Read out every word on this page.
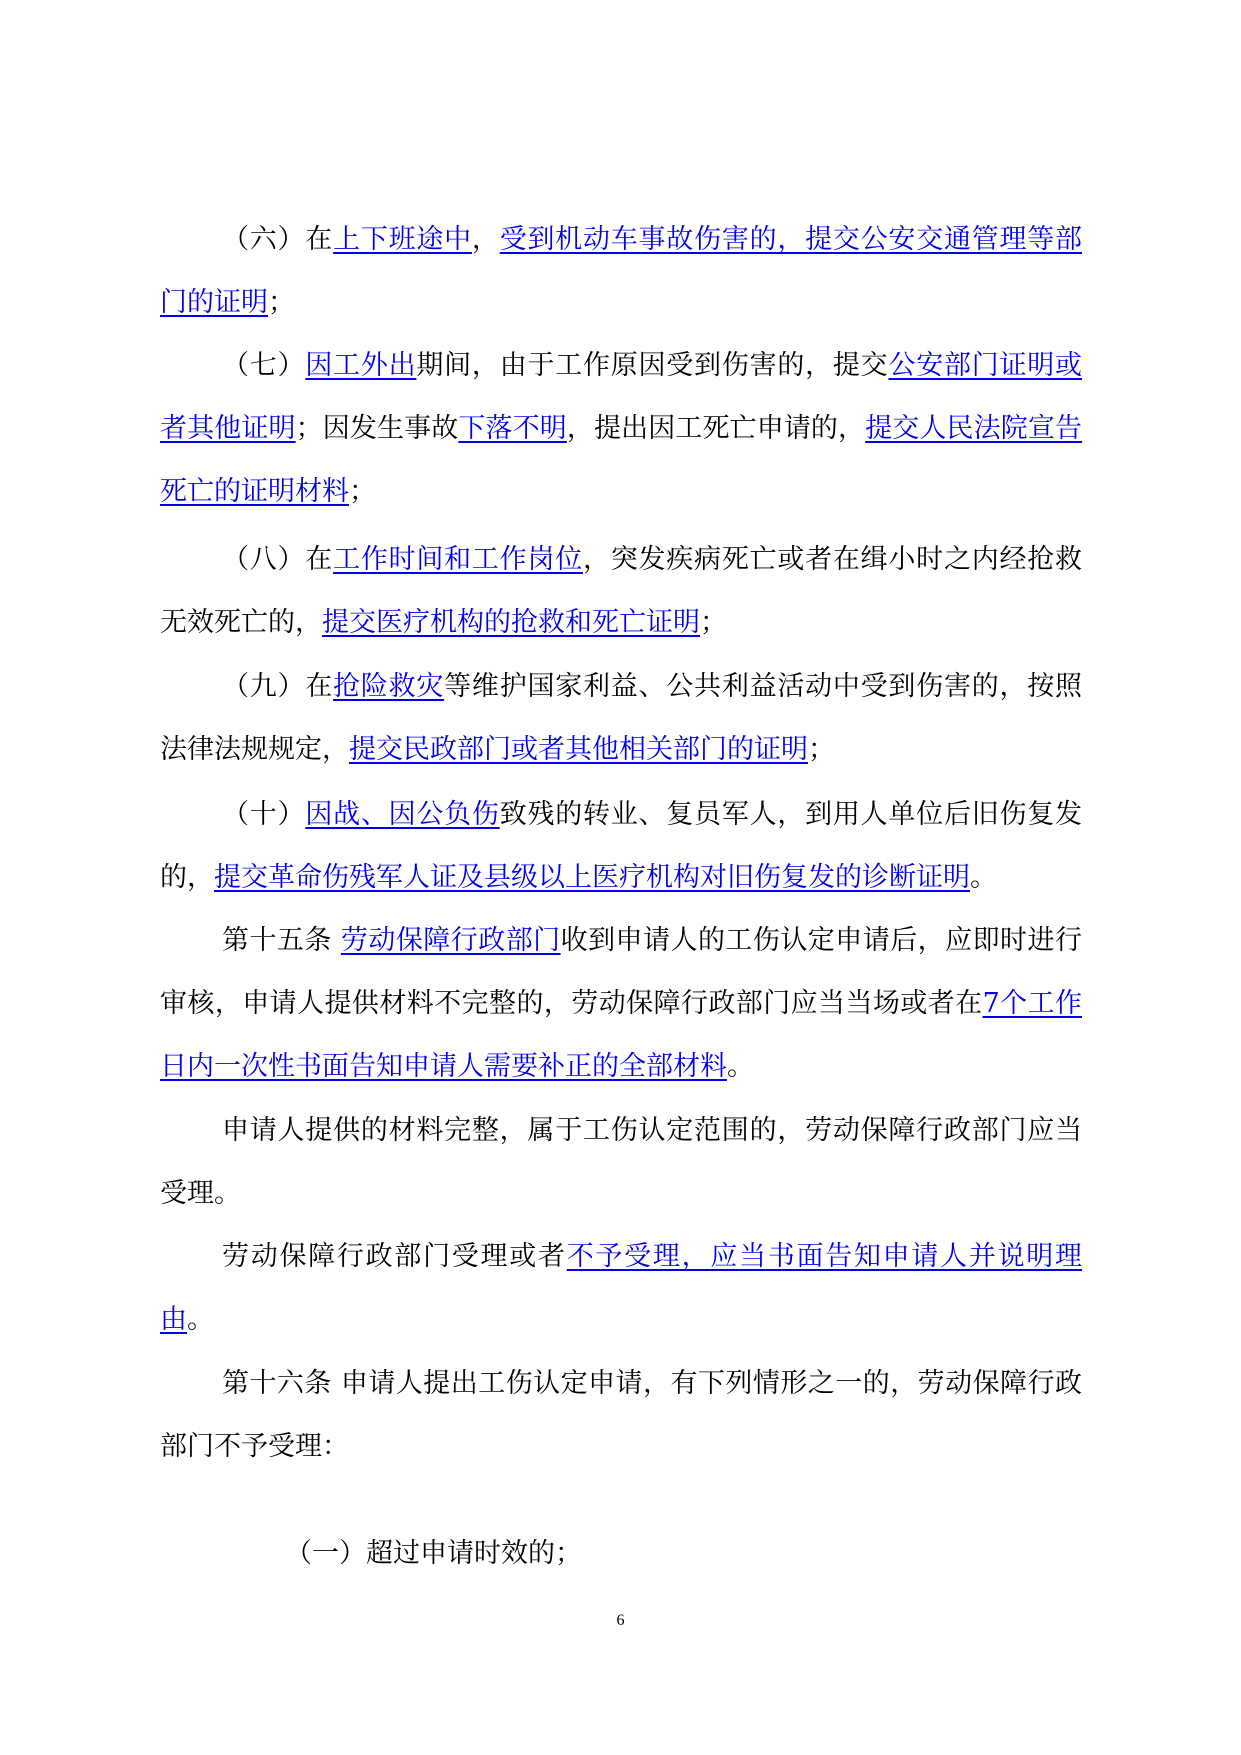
（六）在上下班途中，受到机动车事故伤害的，提交公安交通管理等部门的证明；

（七）因工外出期间，由于工作原因受到伤害的，提交公安部门证明或者其他证明；因发生事故下落不明，提出因工死亡申请的，提交人民法院宣告死亡的证明材料；

（八）在工作时间和工作岗位，突发疾病死亡或者在缉小时之内经抢救无效死亡的，提交医疗机构的抢救和死亡证明；

（九）在抢险救灾等维护国家利益、公共利益活动中受到伤害的，按照法律法规规定，提交民政部门或者其他相关部门的证明；

（十）因战、因公负伤致残的转业、复员军人，到用人单位后旧伤复发的，提交革命伤残军人证及县级以上医疗机构对旧伤复发的诊断证明。

第十五条 劳动保障行政部门收到申请人的工伤认定申请后，应即时进行审核，申请人提供材料不完整的，劳动保障行政部门应当当场或者在7个工作日内一次性书面告知申请人需要补正的全部材料。

申请人提供的材料完整，属于工伤认定范围的，劳动保障行政部门应当受理。

劳动保障行政部门受理或者不予受理，应当书面告知申请人并说明理由。

第十六条 申请人提出工伤认定申请，有下列情形之一的，劳动保障行政部门不予受理：

（一）超过申请时效的；
6
